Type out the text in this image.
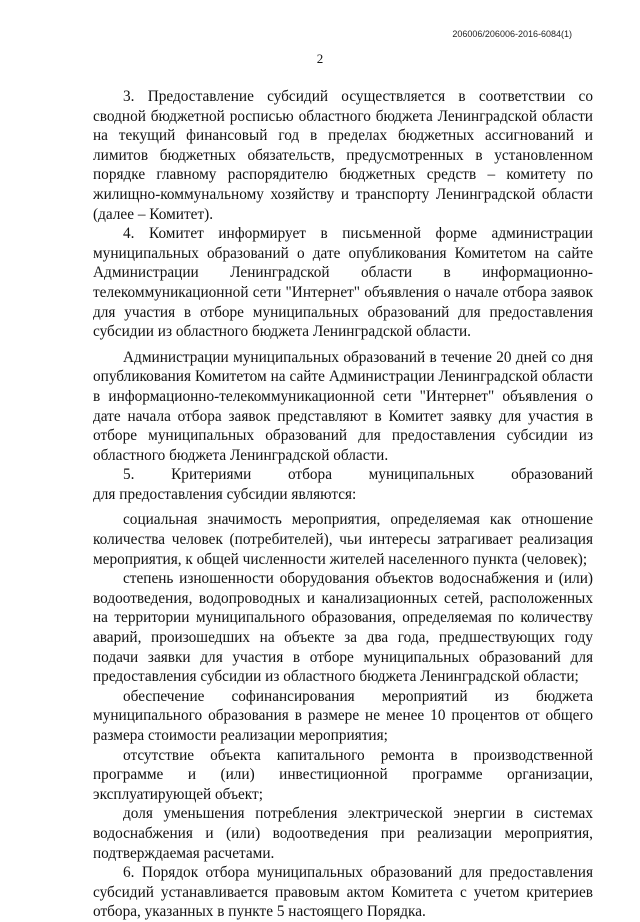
206006/206006-2016-6084(1)
2

3. Предоставление субсидий осуществляется в соответствии со сводной бюджетной росписью областного бюджета Ленинградской области на текущий финансовый год в пределах бюджетных ассигнований и лимитов бюджетных обязательств, предусмотренных в установленном порядке главному распорядителю бюджетных средств – комитету по жилищно-коммунальному хозяйству и транспорту Ленинградской области (далее – Комитет).

4. Комитет информирует в письменной форме администрации муниципальных образований о дате опубликования Комитетом на сайте Администрации Ленинградской области в информационно-телекоммуникационной сети "Интернет" объявления о начале отбора заявок для участия в отборе муниципальных образований для предоставления субсидии из областного бюджета Ленинградской области.

Администрации муниципальных образований в течение 20 дней со дня опубликования Комитетом на сайте Администрации Ленинградской области в информационно-телекоммуникационной сети "Интернет" объявления о дате начала отбора заявок представляют в Комитет заявку для участия в отборе муниципальных образований для предоставления субсидии из областного бюджета Ленинградской области.

5. Критериями отбора муниципальных образований

для предоставления субсидии являются:

социальная значимость мероприятия, определяемая как отношение количества человек (потребителей), чьи интересы затрагивает реализация мероприятия, к общей численности жителей населенного пункта (человек);

степень изношенности оборудования объектов водоснабжения и (или) водоотведения, водопроводных и канализационных сетей, расположенных на территории муниципального образования, определяемая по количеству аварий, произошедших на объекте за два года, предшествующих году подачи заявки для участия в отборе муниципальных образований для предоставления субсидии из областного бюджета Ленинградской области;

обеспечение софинансирования мероприятий из бюджета муниципального образования в размере не менее 10 процентов от общего размера стоимости реализации мероприятия;

отсутствие объекта капитального ремонта в производственной программе и (или) инвестиционной программе организации, эксплуатирующей объект;

доля уменьшения потребления электрической энергии в системах водоснабжения и (или) водоотведения при реализации мероприятия, подтверждаемая расчетами.

6. Порядок отбора муниципальных образований для предоставления субсидий устанавливается правовым актом Комитета с учетом критериев отбора, указанных в пункте 5 настоящего Порядка.
